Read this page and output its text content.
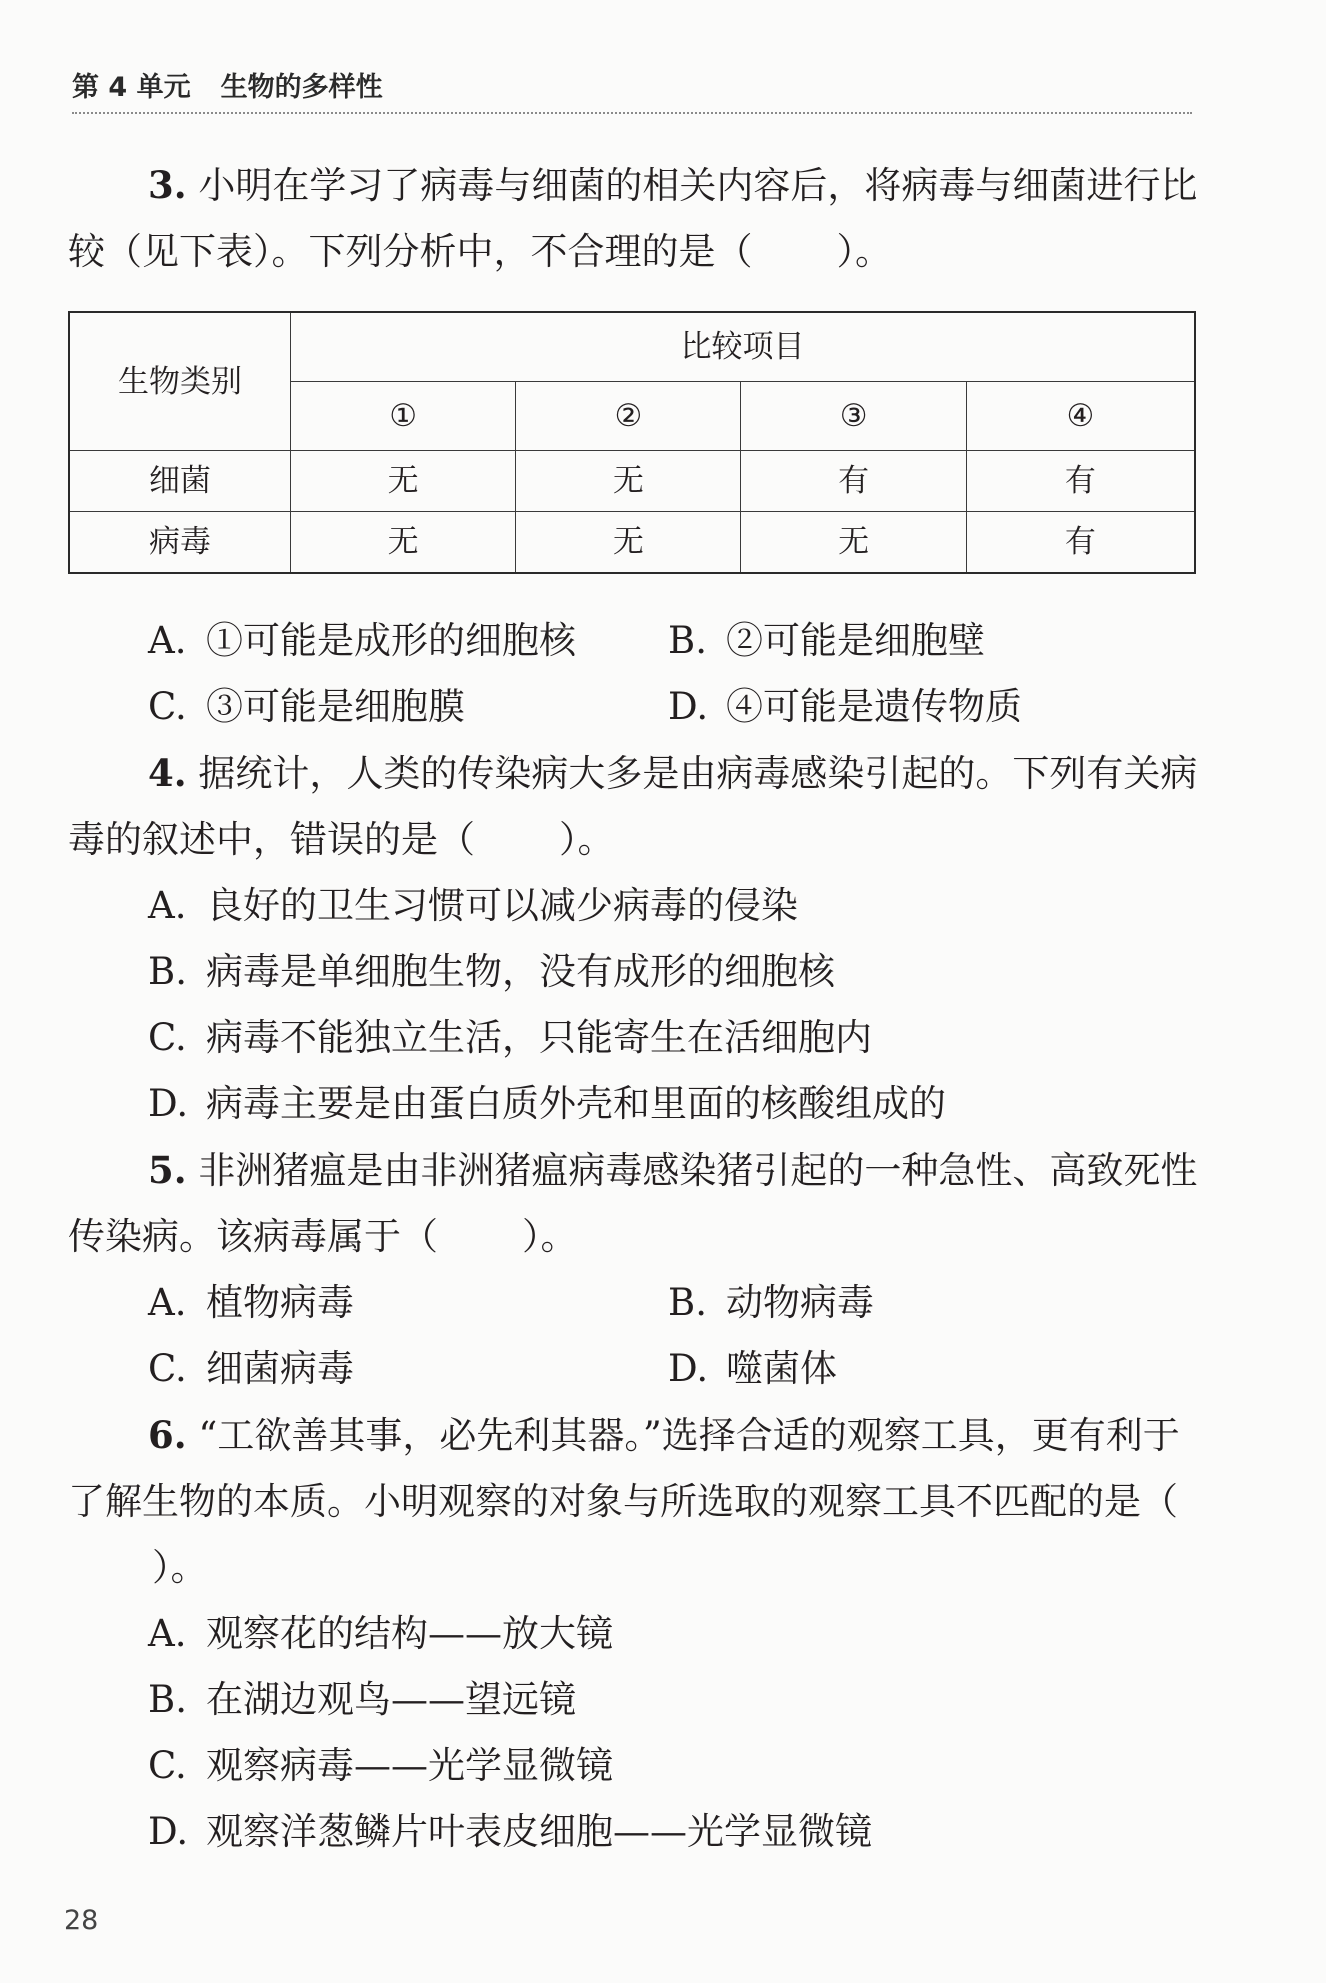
第 4 单元 生物的多样性

3. 小明在学习了病毒与细菌的相关内容后，将病毒与细菌进行比较（见下表）。下列分析中，不合理的是（ ）。

生物类别	比较项目			
	①	②	③	④
细菌	无	无	有	有
病毒	无	无	无	有
A. ①可能是成形的细胞核	B. ②可能是细胞壁
C. ③可能是细胞膜	D. ④可能是遗传物质

4. 据统计，人类的传染病大多是由病毒感染引起的。下列有关病毒的叙述中，错误的是（ ）。

A. 良好的卫生习惯可以减少病毒的侵染

B. 病毒是单细胞生物，没有成形的细胞核

C. 病毒不能独立生活，只能寄生在活细胞内

D. 病毒主要是由蛋白质外壳和里面的核酸组成的

5. 非洲猪瘟是由非洲猪瘟病毒感染猪引起的一种急性、高致死性传染病。该病毒属于（ ）。

A. 植物病毒	B. 动物病毒
C. 细菌病毒	D. 噬菌体

6. “工欲善其事，必先利其器。”选择合适的观察工具，更有利于了解生物的本质。小明观察的对象与所选取的观察工具不匹配的是（）。

A. 观察花的结构——放大镜

B. 在湖边观鸟——望远镜

C. 观察病毒——光学显微镜

D. 观察洋葱鳞片叶表皮细胞——光学显微镜

28
